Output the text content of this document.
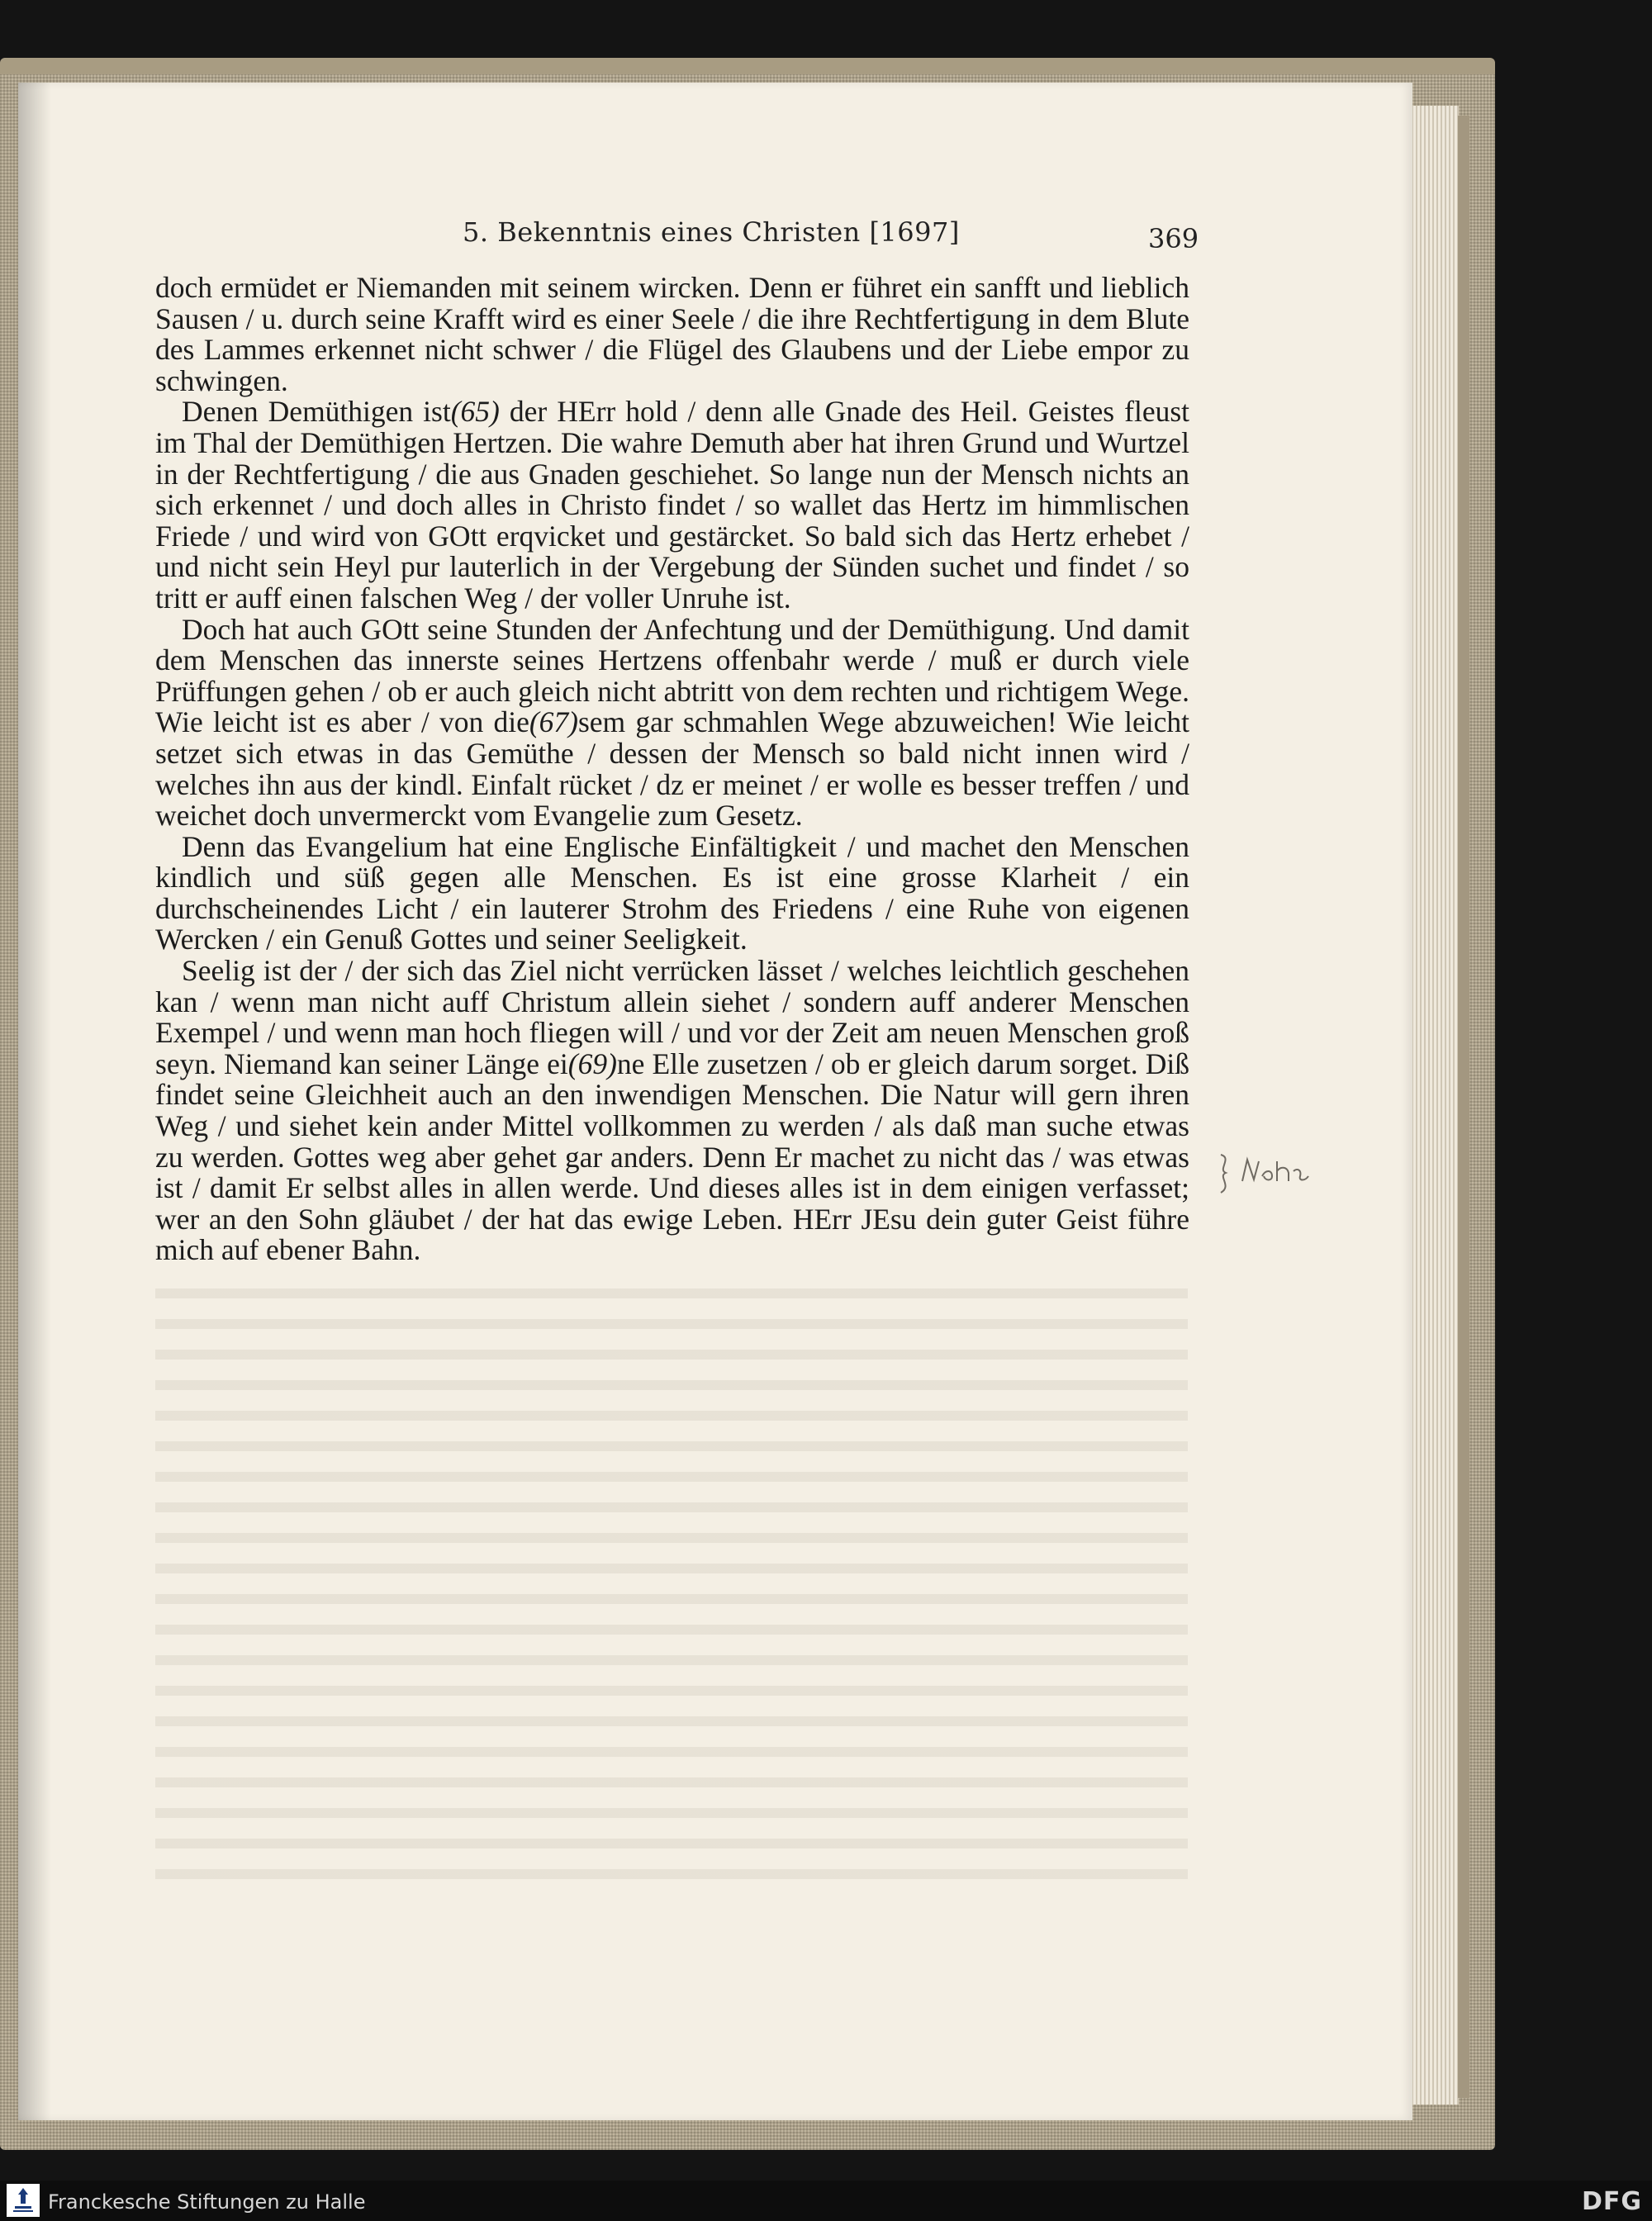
5. Bekenntnis eines Christen [1697]	369

doch ermüdet er Niemanden mit seinem wircken. Denn er führet ein sanfft und lieblich Sausen / u. durch seine Krafft wird es einer Seele / die ihre Rechtfertigung in dem Blute des Lammes erkennet nicht schwer / die Flügel des Glaubens und der Liebe empor zu schwingen.

Denen Demüthigen ist(65) der HErr hold / denn alle Gnade des Heil. Geistes fleust im Thal der Demüthigen Hertzen. Die wahre Demuth aber hat ihren Grund und Wurtzel in der Rechtfertigung / die aus Gnaden geschiehet. So lange nun der Mensch nichts an sich erkennet / und doch alles in Christo findet / so wallet das Hertz im himmlischen Friede / und wird von GOtt erqvicket und gestärcket. So bald sich das Hertz erhebet / und nicht sein Heyl pur lauterlich in der Vergebung der Sünden suchet und findet / so tritt er auff einen falschen Weg / der voller Unruhe ist.

Doch hat auch GOtt seine Stunden der Anfechtung und der Demüthigung. Und damit dem Menschen das innerste seines Hertzens offenbahr werde / muß er durch viele Prüffungen gehen / ob er auch gleich nicht abtritt von dem rechten und richtigem Wege. Wie leicht ist es aber / von die(67)sem gar schmahlen Wege abzuweichen! Wie leicht setzet sich etwas in das Gemüthe / dessen der Mensch so bald nicht innen wird / welches ihn aus der kindl. Einfalt rücket / dz er meinet / er wolle es besser treffen / und weichet doch unvermerckt vom Evangelie zum Gesetz.

Denn das Evangelium hat eine Englische Einfältigkeit / und machet den Menschen kindlich und süß gegen alle Menschen. Es ist eine grosse Klarheit / ein durchscheinendes Licht / ein lauterer Strohm des Friedens / eine Ruhe von eigenen Wercken / ein Genuß Gottes und seiner Seeligkeit.

Seelig ist der / der sich das Ziel nicht verrücken lässet / welches leichtlich geschehen kan / wenn man nicht auff Christum allein siehet / sondern auff anderer Menschen Exempel / und wenn man hoch fliegen will / und vor der Zeit am neuen Menschen groß seyn. Niemand kan seiner Länge ei(69)ne Elle zusetzen / ob er gleich darum sorget. Diß findet seine Gleichheit auch an den inwendigen Menschen. Die Natur will gern ihren Weg / und siehet kein ander Mittel vollkommen zu werden / als daß man suche etwas zu werden. Gottes weg aber gehet gar anders. Denn Er machet zu nicht das / was etwas ist / damit Er selbst alles in allen werde. Und dieses alles ist in dem einigen verfasset; wer an den Sohn gläubet / der hat das ewige Leben. HErr JEsu dein guter Geist führe mich auf ebener Bahn.

Franckesche Stiftungen zu Halle	DFG
